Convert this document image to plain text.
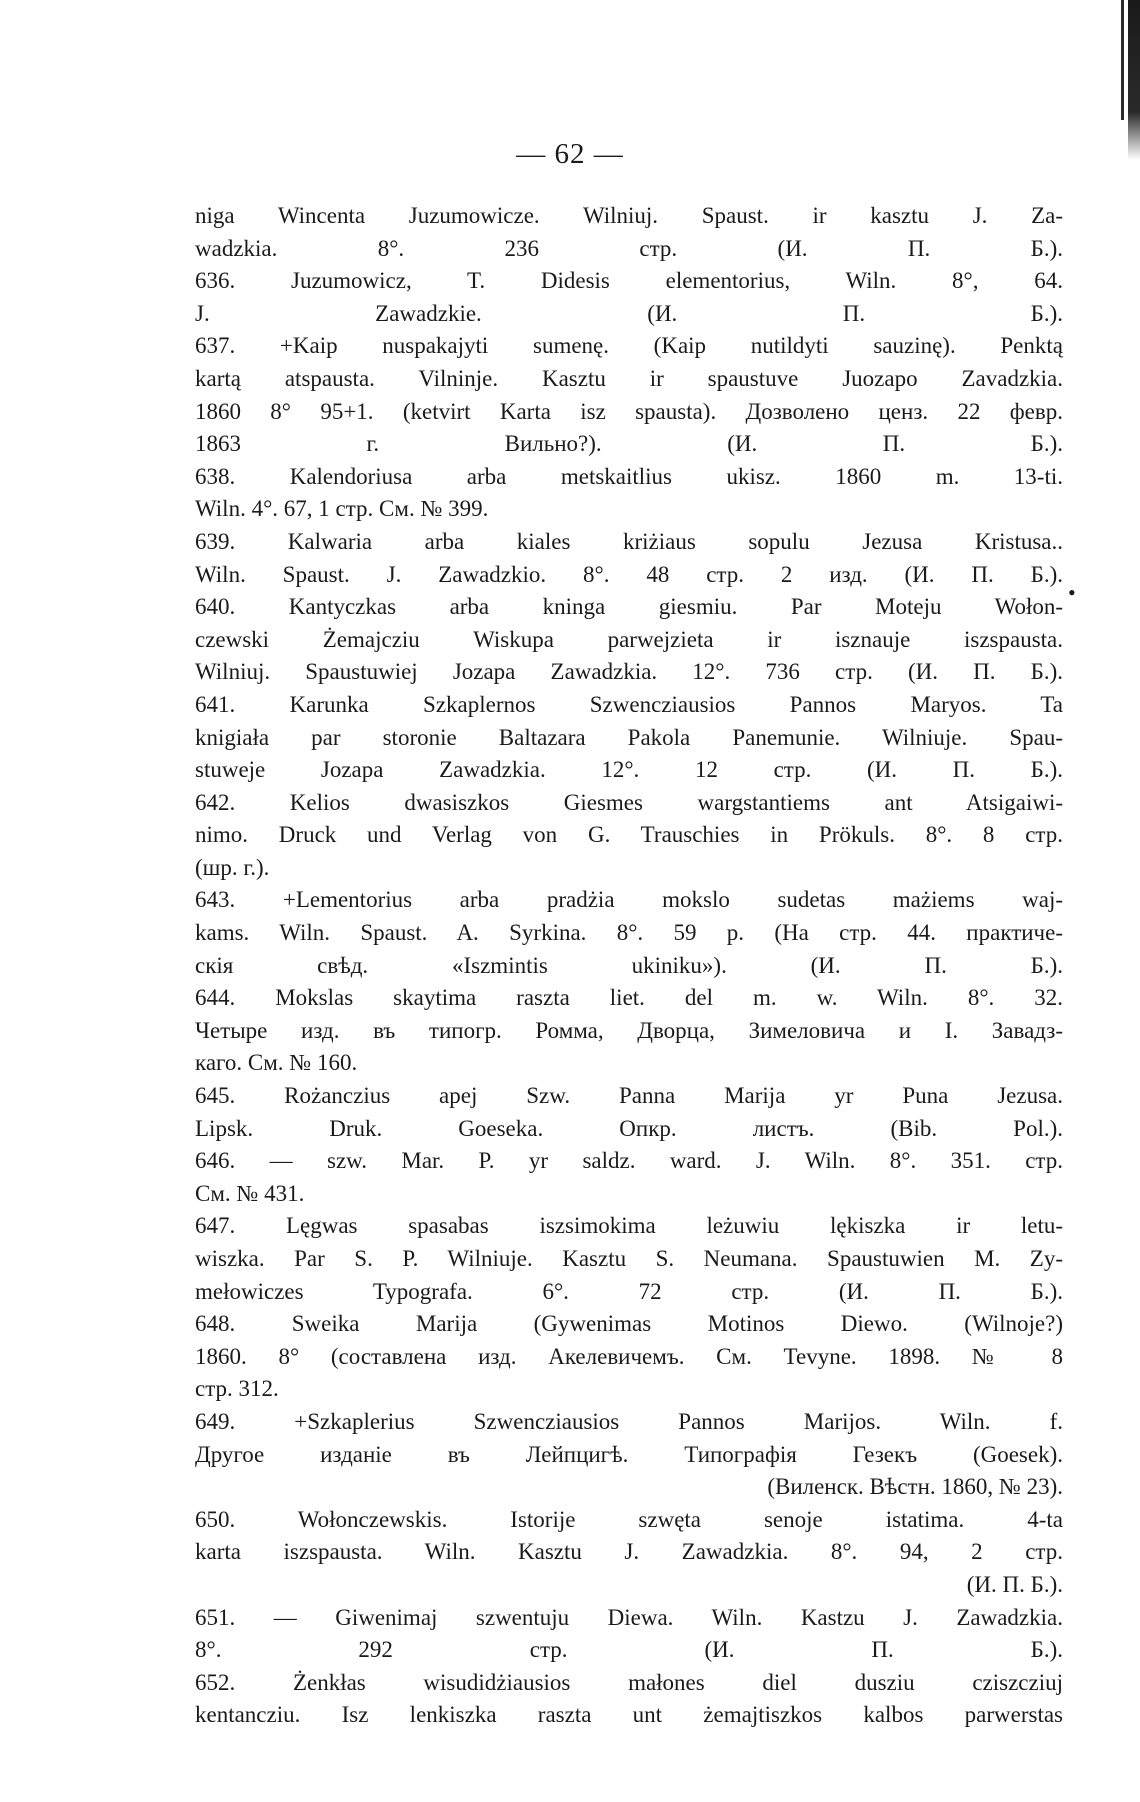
— 62 —
niga Wincenta Juzumowicze. Wilniuj. Spaust. ir kasztu J. Za-
wadzkia. 8°. 236 стр. (И. П. Б.).
636. Juzumowicz, T. Didesis elementorius, Wiln. 8°, 64.
J. Zawadzkie. (И. П. Б.).
637. +Kaip nuspakajyti sumenę. (Kaip nutildyti sauzinę). Penktą
kartą atspausta. Vilninje. Kasztu ir spaustuve Juozapo Zavadzkia.
1860 8° 95+1. (ketvirt Karta isz spausta). Дозволено ценз. 22 февр.
1863 г. Вильно?). (И. П. Б.).
638. Kalendoriusa arba metskaitlius ukisz. 1860 m. 13-ti.
Wiln. 4°. 67, 1 стр. См. № 399.
639. Kalwaria arba kiales kriżiaus sopulu Jezusa Kristusa..
Wiln. Spaust. J. Zawadzkio. 8°. 48 стр. 2 изд. (И. П. Б.).
640. Kantyczkas arba kninga giesmiu. Par Moteju Wołon-
czewski Żemajcziu Wiskupa parwejzieta ir isznauje iszspausta.
Wilniuj. Spaustuwiej Jozapa Zawadzkia. 12°. 736 стр. (И. П. Б.).
641. Karunka Szkaplernos Szwencziausios Pannos Maryos. Ta
knigiała par storonie Baltazara Pakola Panemunie. Wilniuje. Spau-
stuweje Jozapa Zawadzkia. 12°. 12 стр. (И. П. Б.).
642. Kelios dwasiszkos Giesmes wargstantiems ant Atsigaiwi-
nimo. Druck und Verlag von G. Trauschies in Prökuls. 8°. 8 стр.
(шр. г.).
643. +Lementorius arba pradżia mokslo sudetas mażiems waj-
kams. Wiln. Spaust. A. Syrkina. 8°. 59 р. (На стр. 44. практиче-
скія свѣд. «Iszmintis ukiniku»). (И. П. Б.).
644. Mokslas skaytima raszta liet. del m. w. Wiln. 8°. 32.
Четыре изд. въ типогр. Ромма, Дворца, Зимеловича и I. Завадз-
каго. См. № 160.
645. Rożanczius apej Szw. Panna Marija yr Puna Jezusa.
Lipsk. Druk. Goeseka. Опкр. листъ. (Bib. Pol.).
646. — szw. Mar. P. yr saldz. ward. J. Wiln. 8°. 351. стр.
См. № 431.
647. Lęgwas spasabas iszsimokima leżuwiu lękiszka ir letu-
wiszka. Par S. P. Wilniuje. Kasztu S. Neumana. Spaustuwien M. Zy-
mełowiczes Typografa. 6°. 72 стр. (И. П. Б.).
648. Sweika Marija (Gywenimas Motinos Diewo. (Wilnoje?)
1860. 8° (составлена изд. Акелевичемъ. См. Tevyne. 1898. № 8
стр. 312.
649. +Szkaplerius Szwencziausios Pannos Marijos. Wiln. f.
Другое изданіе въ Лейпцигѣ. Типографія Гезекъ (Goesek).
(Виленск. Вѣстн. 1860, № 23).
650. Wołonczewskis. Istorije szwęta senoje istatima. 4-ta
karta iszspausta. Wiln. Kasztu J. Zawadzkia. 8°. 94, 2 стр.
(И. П. Б.).
651. — Giwenimaj szwentuju Diewa. Wiln. Kastzu J. Zawadzkia.
8°. 292 стр. (И. П. Б.).
652. Żenkłas wisudidżiausios małones diel dusziu cziszcziuj
kentancziu. Isz lenkiszka raszta unt żemajtiszkos kalbos parwerstas
•
